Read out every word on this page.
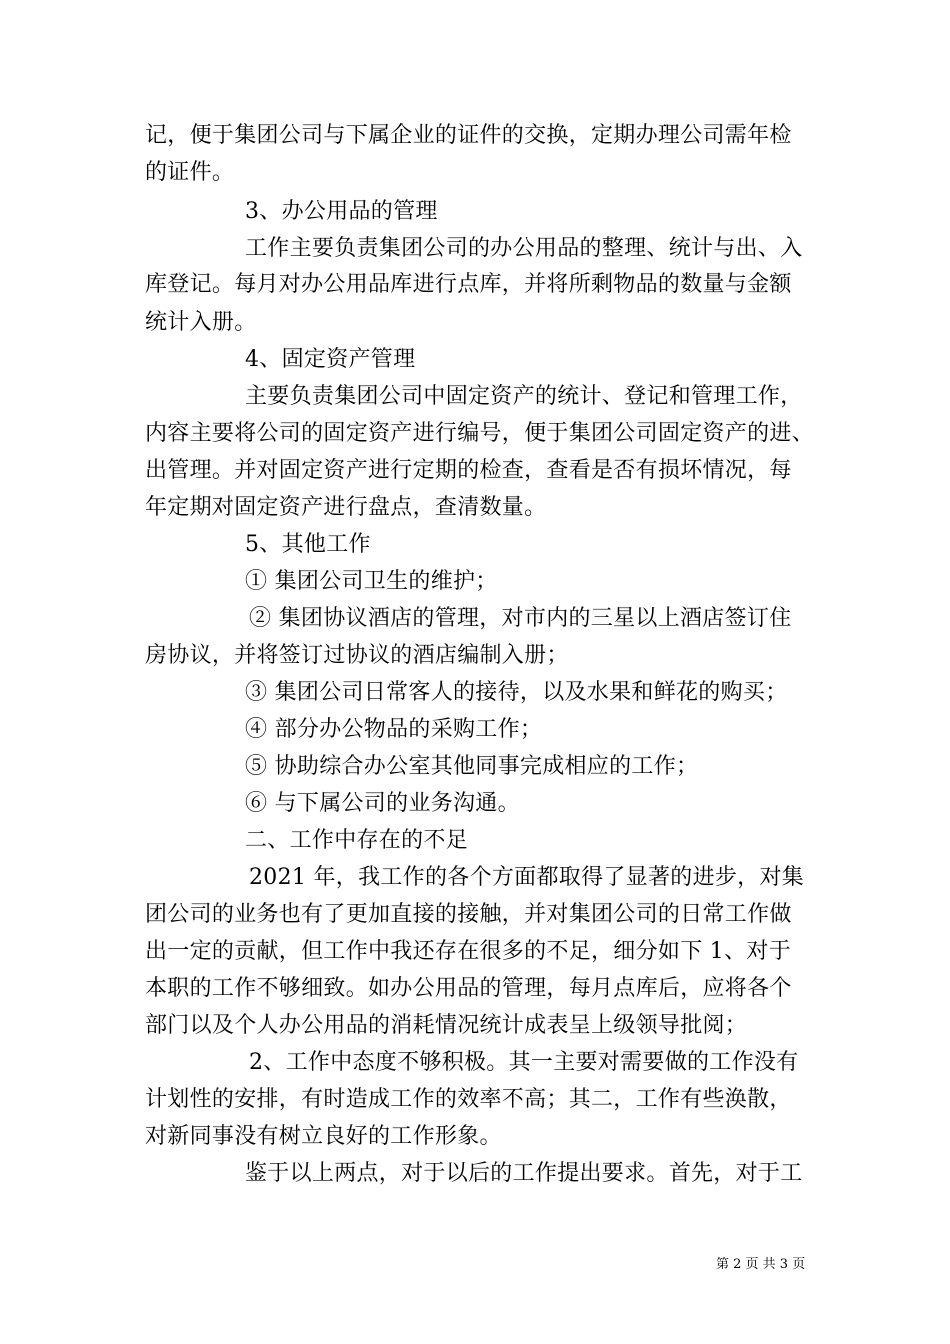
记，便于集团公司与下属企业的证件的交换，定期办理公司需年检
的证件。
3、办公用品的管理
工作主要负责集团公司的办公用品的整理、统计与出、入
库登记。每月对办公用品库进行点库，并将所剩物品的数量与金额
统计入册。
4、固定资产管理
主要负责集团公司中固定资产的统计、登记和管理工作，
内容主要将公司的固定资产进行编号，便于集团公司固定资产的进、
出管理。并对固定资产进行定期的检查，查看是否有损坏情况，每
年定期对固定资产进行盘点，查清数量。
5、其他工作
① 集团公司卫生的维护；
② 集团协议酒店的管理，对市内的三星以上酒店签订住
房协议，并将签订过协议的酒店编制入册；
③ 集团公司日常客人的接待，以及水果和鲜花的购买；
④ 部分办公物品的采购工作；
⑤ 协助综合办公室其他同事完成相应的工作；
⑥ 与下属公司的业务沟通。
二、工作中存在的不足
2021 年，我工作的各个方面都取得了显著的进步，对集
团公司的业务也有了更加直接的接触，并对集团公司的日常工作做
出一定的贡献，但工作中我还存在很多的不足，细分如下 1、对于
本职的工作不够细致。如办公用品的管理，每月点库后，应将各个
部门以及个人办公用品的消耗情况统计成表呈上级领导批阅；
2、工作中态度不够积极。其一主要对需要做的工作没有
计划性的安排，有时造成工作的效率不高；其二，工作有些涣散，
对新同事没有树立良好的工作形象。
鉴于以上两点，对于以后的工作提出要求。首先，对于工
第 2 页 共 3 页
